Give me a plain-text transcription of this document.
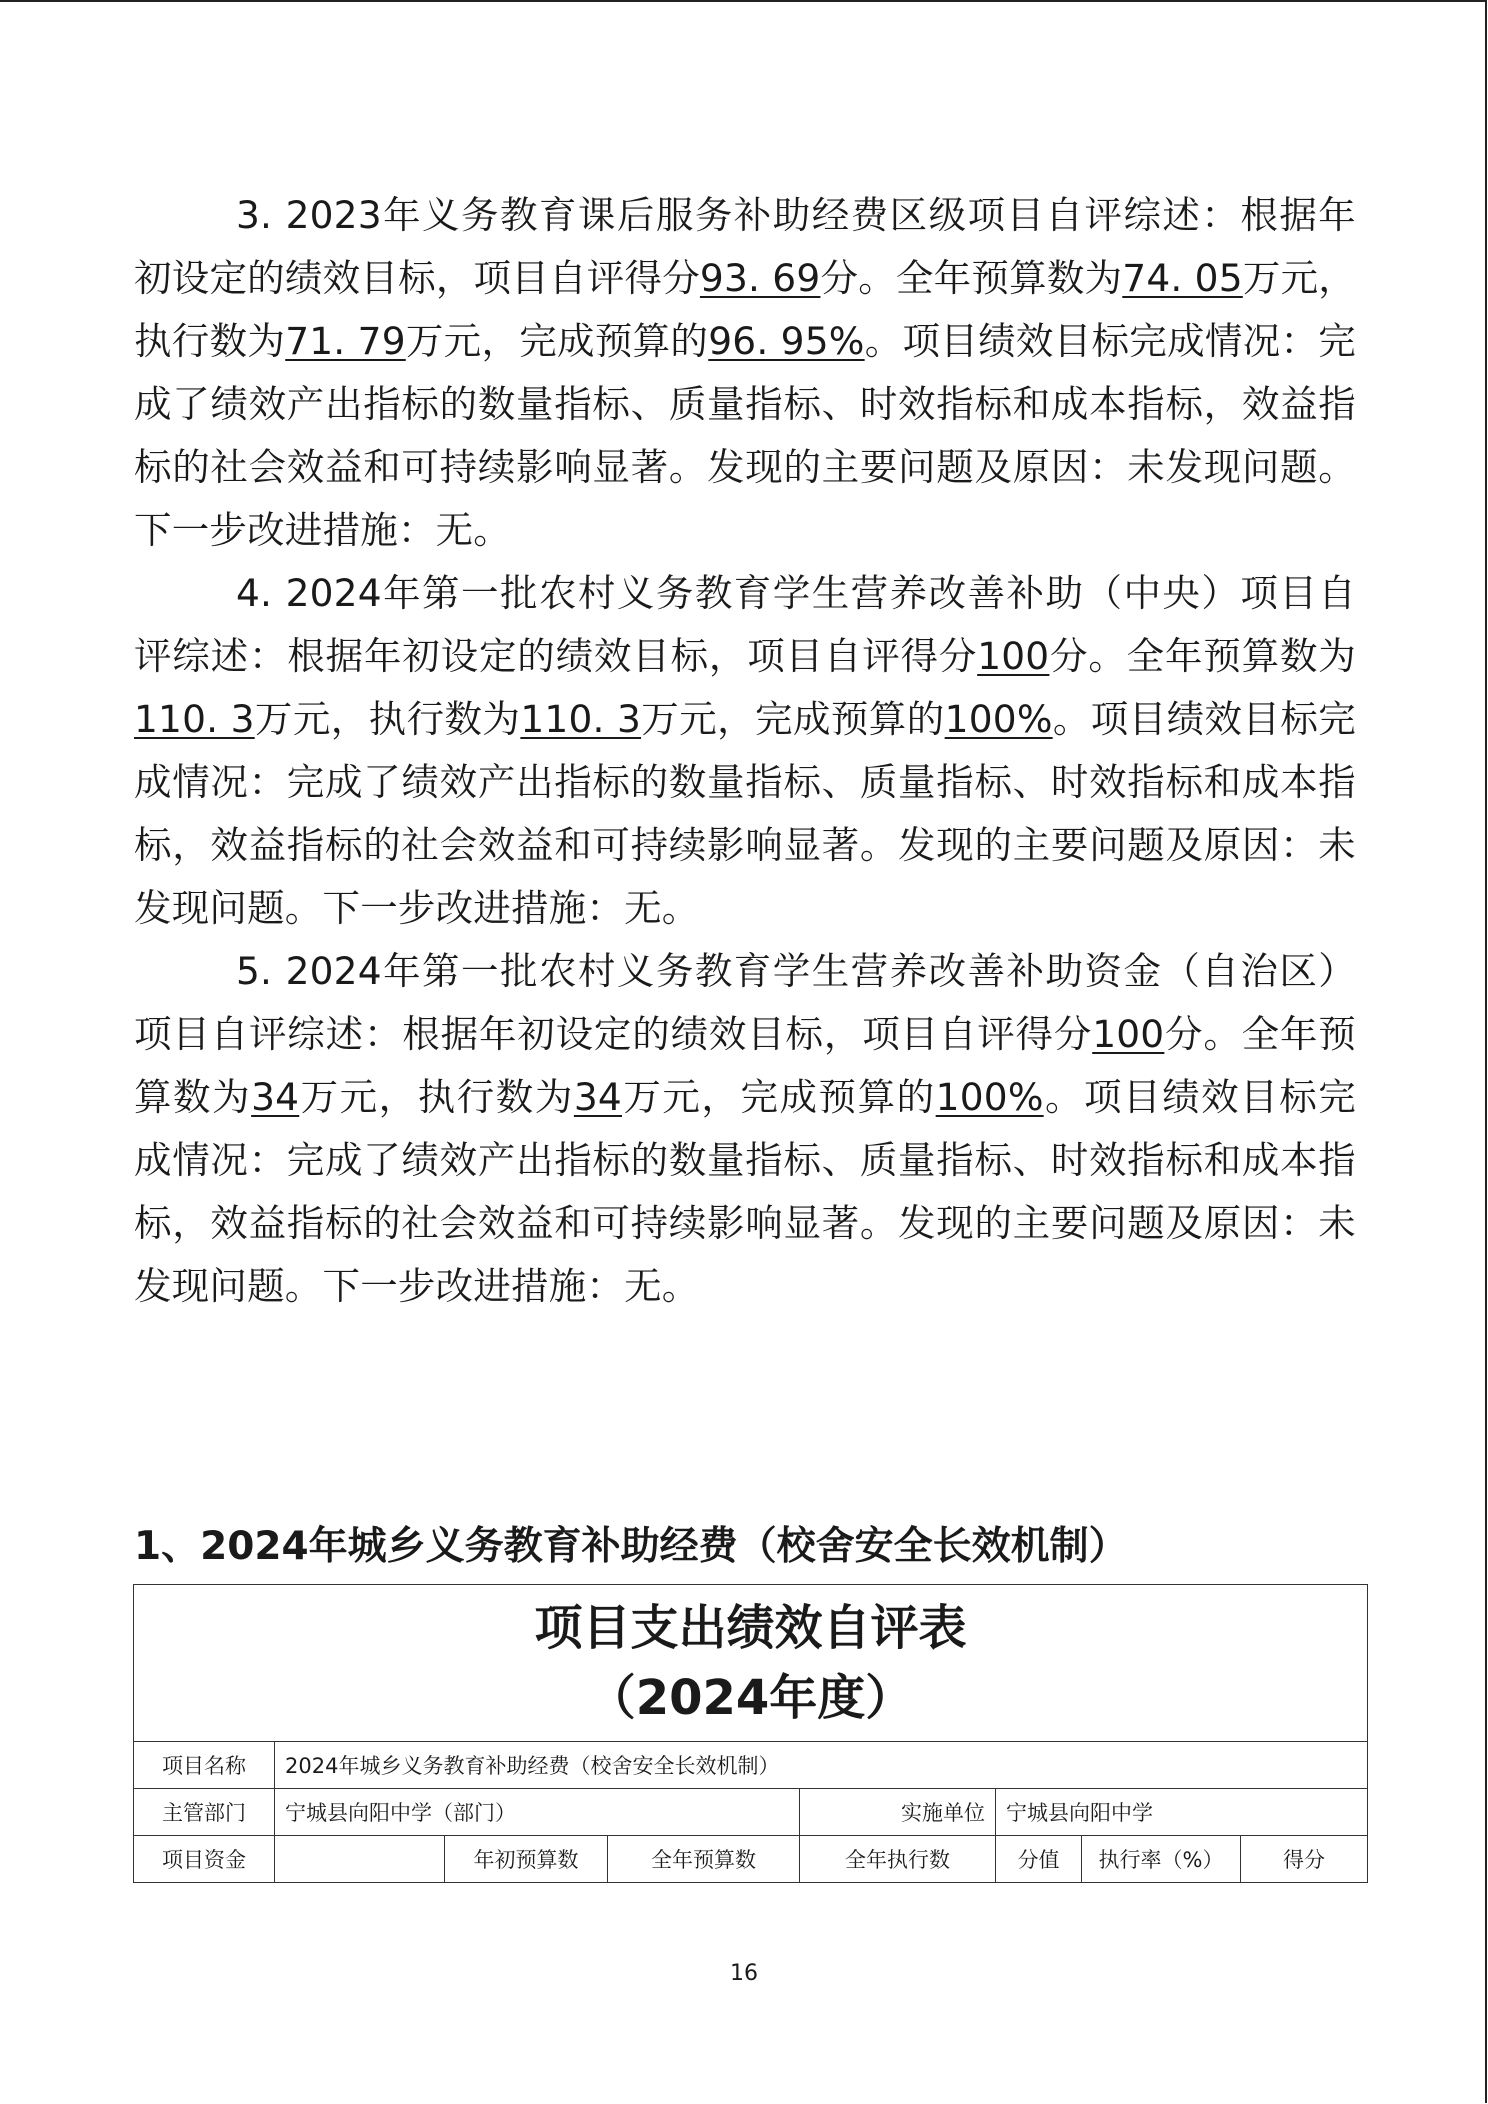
3. 2023年义务教育课后服务补助经费区级项目自评综述：根据年初设定的绩效目标，项目自评得分93. 69分。全年预算数为74. 05万元，执行数为71. 79万元，完成预算的96. 95%。项目绩效目标完成情况：完成了绩效产出指标的数量指标、质量指标、时效指标和成本指标，效益指标的社会效益和可持续影响显著。发现的主要问题及原因：未发现问题。下一步改进措施：无。

4. 2024年第一批农村义务教育学生营养改善补助（中央）项目自评综述：根据年初设定的绩效目标，项目自评得分100分。全年预算数为110. 3万元，执行数为110. 3万元，完成预算的100%。项目绩效目标完成情况：完成了绩效产出指标的数量指标、质量指标、时效指标和成本指标，效益指标的社会效益和可持续影响显著。发现的主要问题及原因：未发现问题。下一步改进措施：无。

5. 2024年第一批农村义务教育学生营养改善补助资金（自治区）项目自评综述：根据年初设定的绩效目标，项目自评得分100分。全年预算数为34万元，执行数为34万元，完成预算的100%。项目绩效目标完成情况：完成了绩效产出指标的数量指标、质量指标、时效指标和成本指标，效益指标的社会效益和可持续影响显著。发现的主要问题及原因：未发现问题。下一步改进措施：无。

1、2024年城乡义务教育补助经费（校舍安全长效机制）
项目支出绩效自评表
（2024年度）							

项目名称	2024年城乡义务教育补助经费（校舍安全长效机制）						
主管部门	宁城县向阳中学（部门）			实施单位	宁城县向阳中学		
项目资金		年初预算数	全年预算数	全年执行数	分值	执行率（%）	得分
16
